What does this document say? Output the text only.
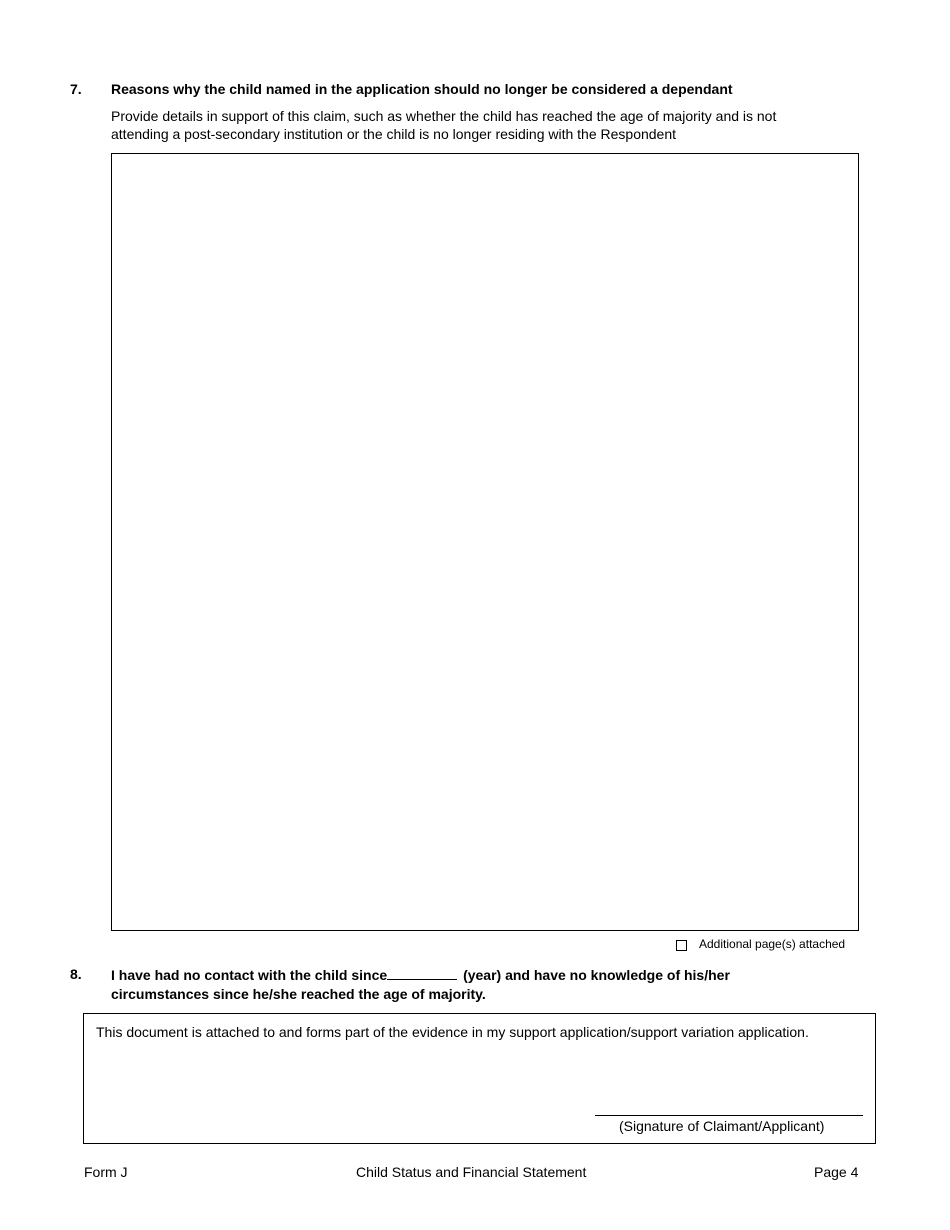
7. Reasons why the child named in the application should no longer be considered a dependant
Provide details in support of this claim, such as whether the child has reached the age of majority and is not
attending a post-secondary institution or the child is no longer residing with the Respondent
Additional page(s) attached
8. I have had no contact with the child since	(year) and have no knowledge of his/her
circumstances since he/she reached the age of majority.
This document is attached to and forms part of the evidence in my support application/support variation application.
(Signature of Claimant/Applicant)
Form J	Child Status and Financial Statement	Page 4
